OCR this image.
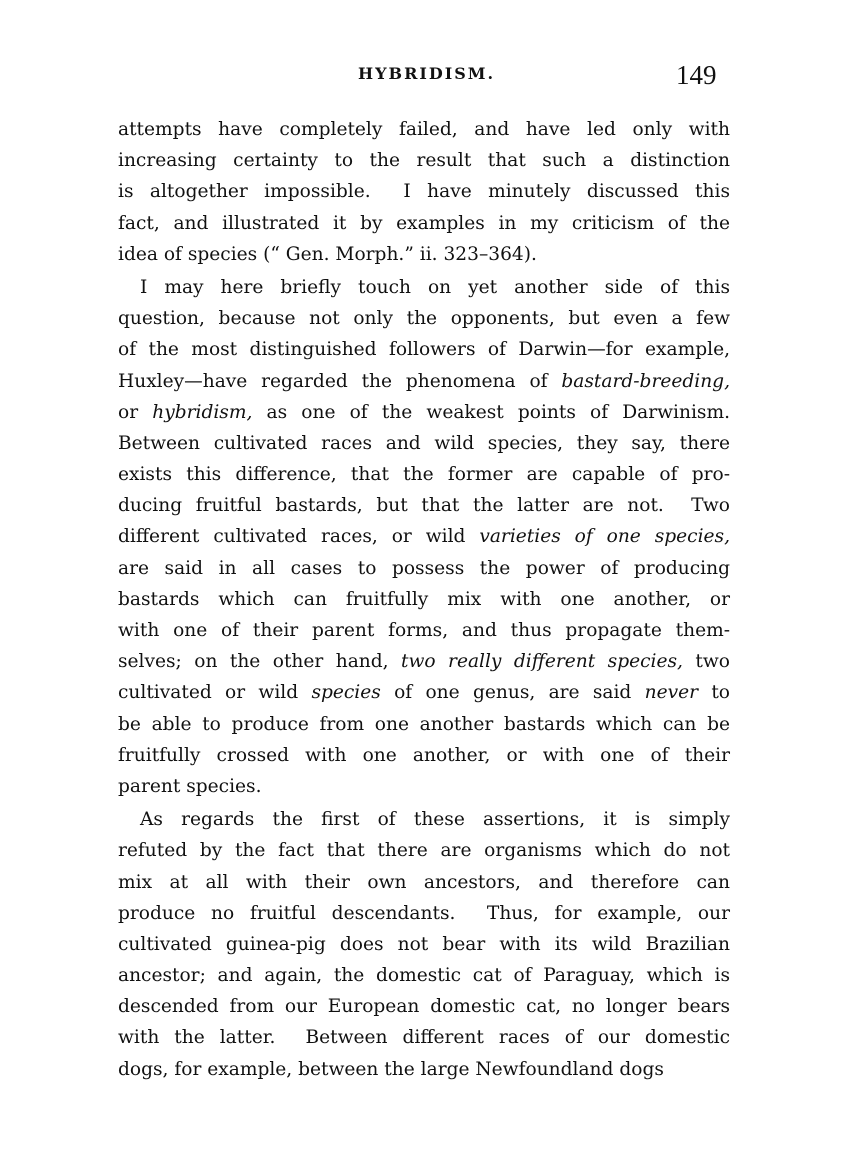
HYBRIDISM.	149
attempts have completely failed, and have led only with
increasing certainty to the result that such a distinction
is altogether impossible.  I have minutely discussed this
fact, and illustrated it by examples in my criticism of the
idea of species (“ Gen. Morph.” ii. 323–364).
I may here briefly touch on yet another side of this
question, because not only the opponents, but even a few
of the most distinguished followers of Darwin—for example,
Huxley—have regarded the phenomena of bastard-breeding,
or hybridism, as one of the weakest points of Darwinism.
Between cultivated races and wild species, they say, there
exists this difference, that the former are capable of pro-
ducing fruitful bastards, but that the latter are not.  Two
different cultivated races, or wild varieties of one species,
are said in all cases to possess the power of producing
bastards which can fruitfully mix with one another, or
with one of their parent forms, and thus propagate them-
selves; on the other hand, two really different species, two
cultivated or wild species of one genus, are said never to
be able to produce from one another bastards which can be
fruitfully crossed with one another, or with one of their
parent species.
As regards the first of these assertions, it is simply
refuted by the fact that there are organisms which do not
mix at all with their own ancestors, and therefore can
produce no fruitful descendants.  Thus, for example, our
cultivated guinea-pig does not bear with its wild Brazilian
ancestor; and again, the domestic cat of Paraguay, which is
descended from our European domestic cat, no longer bears
with the latter.  Between different races of our domestic
dogs, for example, between the large Newfoundland dogs
